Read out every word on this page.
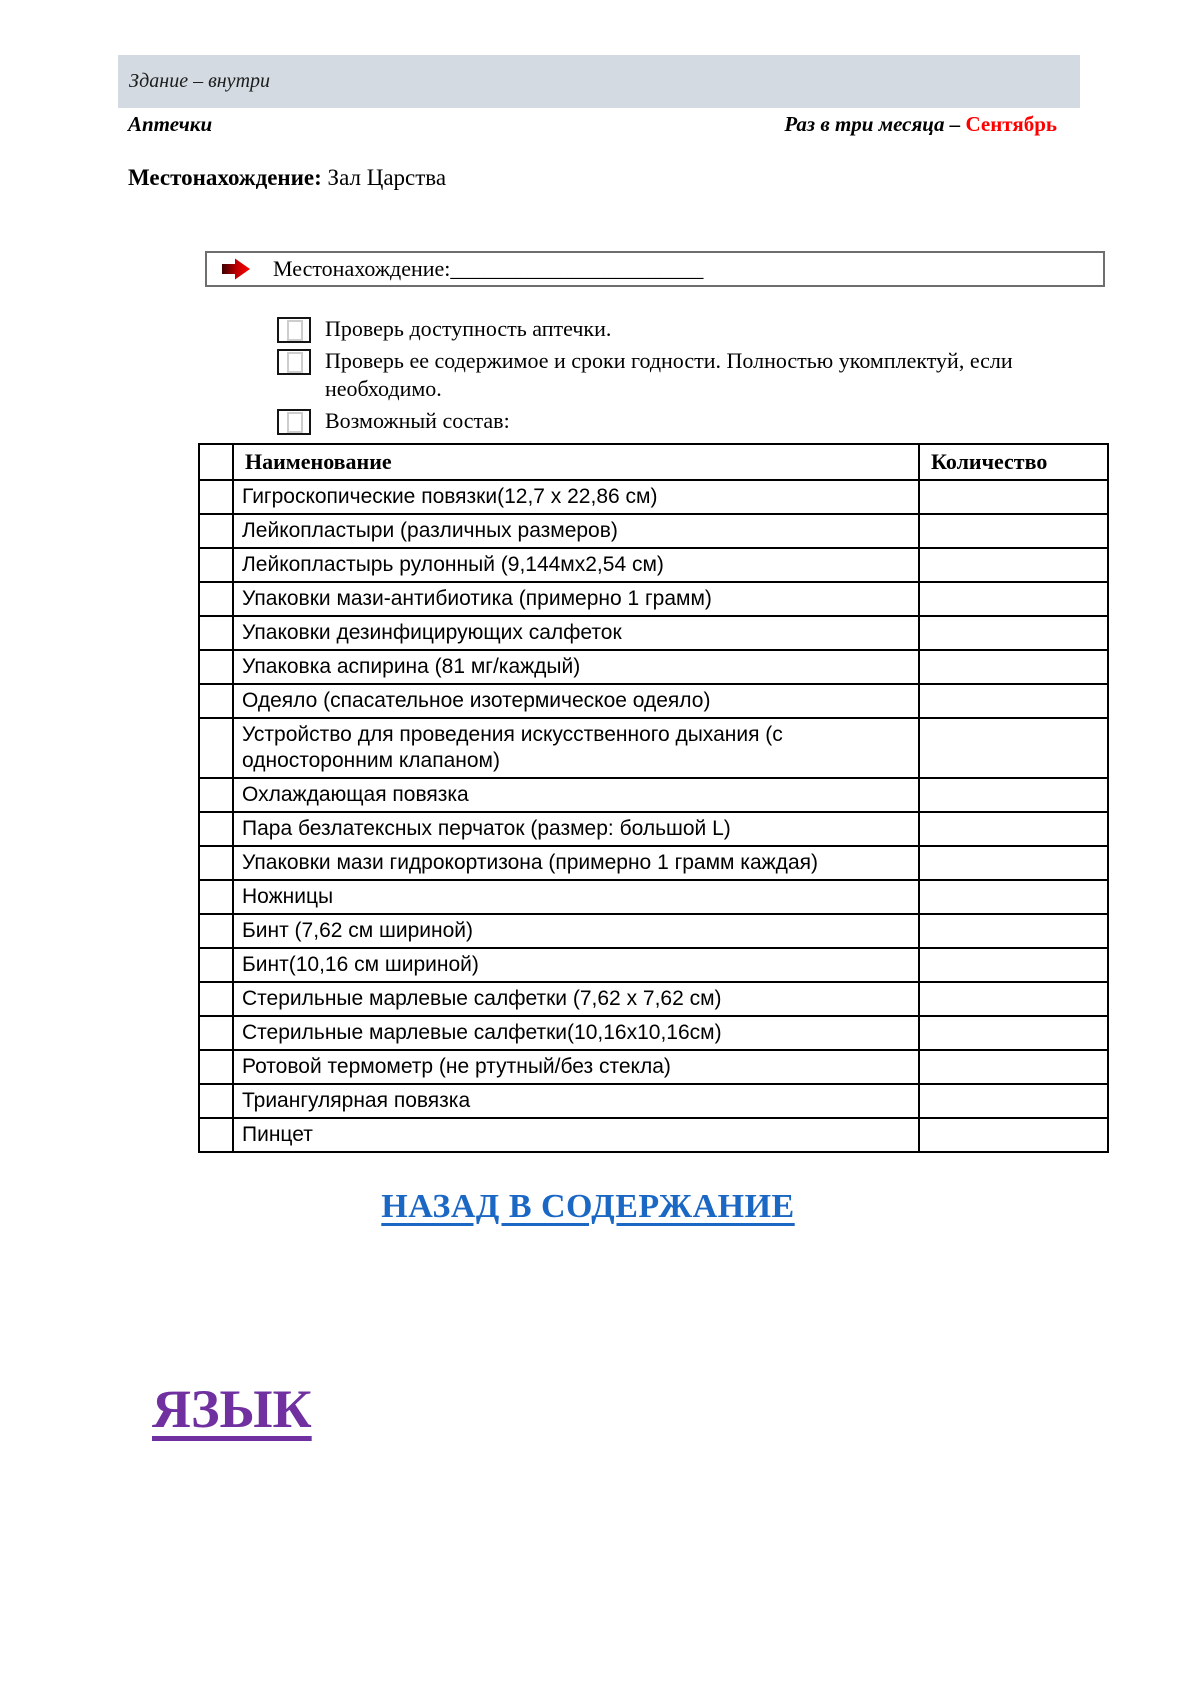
Здание – внутри
Аптечки	Раз в три месяца – Сентябрь
Местонахождение: Зал Царства
Местонахождение: _______________________
Проверь доступность аптечки.
Проверь ее содержимое и сроки годности. Полностью укомплектуй, если необходимо.
Возможный состав:
	Наименование	Количество
	Гигроскопические повязки(12,7 х 22,86 см)	
	Лейкопластыри (различных размеров)	
	Лейкопластырь рулонный (9,144мх2,54 см)	
	Упаковки мази-антибиотика (примерно 1 грамм)	
	Упаковки дезинфицирующих салфеток	
	Упаковка аспирина (81 мг/каждый)	
	Одеяло (спасательное изотермическое одеяло)	
	Устройство для проведения искусственного дыхания (с односторонним клапаном)	
	Охлаждающая повязка	
	Пара безлатексных перчаток (размер: большой L)	
	Упаковки мази гидрокортизона (примерно 1 грамм каждая)	
	Ножницы	
	Бинт (7,62 см шириной)	
	Бинт(10,16 см шириной)	
	Стерильные марлевые салфетки (7,62 х 7,62 см)	
	Стерильные марлевые салфетки(10,16х10,16см)	
	Ротовой термометр (не ртутный/без стекла)	
	Триангулярная повязка	
	Пинцет	
НАЗАД В СОДЕРЖАНИЕ
ЯЗЫК
